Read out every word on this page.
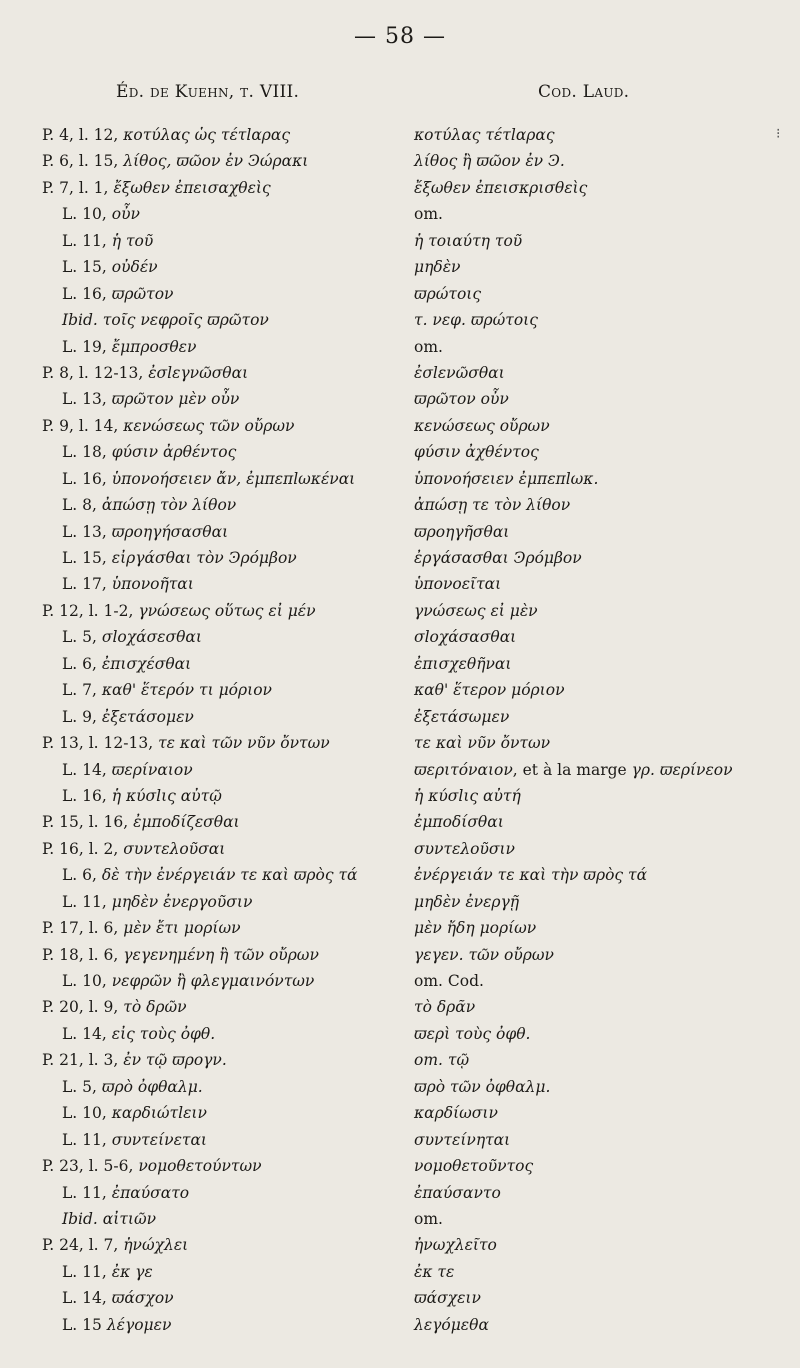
— 58 —
Éd. de Kuehn, t. VIII.	Cod. Laud.
⁝
P. 4, l. 12, κοτύλας ὡς τέτlαρας	κοτύλας τέτlαρας
P. 6, l. 15, λίθος, ϖῶον ἐν Ͽώρακι	λίθος ἢ ϖῶον ἐν Ͽ.
P. 7, l. 1, ἔξωθεν ἐπεισαχθεὶς	ἔξωθεν ἐπεισκρισθεὶς
L. 10, οὖν	om.
L. 11, ἡ τοῦ	ἡ τοιαύτη τοῦ
L. 15, οὐδέν	μηδὲν
L. 16, ϖρῶτον	ϖρώτοις
Ibid. τοῖς νεφροῖς ϖρῶτον	τ. νεφ. ϖρώτοις
L. 19, ἔμπροσθεν	om.
P. 8, l. 12-13, ἐσlεγνῶσθαι	ἐσlενῶσθαι
L. 13, ϖρῶτον μὲν οὖν	ϖρῶτον οὖν
P. 9, l. 14, κενώσεως τῶν οὔρων	κενώσεως οὔρων
L. 18, φύσιν ἀρθέντος	φύσιν ἀχθέντος
L. 16, ὑπονοήσειεν ἄν, ἐμπεπlωκέναι	ὑπονοήσειεν ἐμπεπlωκ.
L. 8, ἀπώσῃ τὸν λίθον	ἀπώσῃ τε τὸν λίθον
L. 13, ϖροηγήσασθαι	ϖροηγῆσθαι
L. 15, εἰργάσθαι τὸν Ͽρόμβον	ἐργάσασθαι Ͽρόμβον
L. 17, ὑπονοῆται	ὑπονοεῖται
P. 12, l. 1-2, γνώσεως οὕτως εἰ μέν	γνώσεως εἰ μὲν
L. 5, σlοχάσεσθαι	σlοχάσασθαι
L. 6, ἐπισχέσθαι	ἐπισχεθῆναι
L. 7, καθ' ἕτερόν τι μόριον	καθ' ἕτερον μόριον
L. 9, ἐξετάσομεν	ἐξετάσωμεν
P. 13, l. 12-13, τε καὶ τῶν νῦν ὄντων	τε καὶ νῦν ὄντων
L. 14, ϖερίναιον	ϖεριτόναιον, et à la marge γρ. ϖερίνεον
L. 16, ἡ κύσlις αὐτῷ	ἡ κύσlις αὐτή
P. 15, l. 16, ἐμποδίζεσθαι	ἐμποδίσθαι
P. 16, l. 2, συντελοῦσαι	συντελοῦσιν
L. 6, δὲ τὴν ἐνέργειάν τε καὶ ϖρὸς τά	ἐνέργειάν τε καὶ τὴν ϖρὸς τά
L. 11, μηδὲν ἐνεργοῦσιν	μηδὲν ἐνεργῇ
P. 17, l. 6, μὲν ἔτι μορίων	μὲν ἤδη μορίων
P. 18, l. 6, γεγενημένη ἢ τῶν οὔρων	γεγεν. τῶν οὔρων
L. 10, νεφρῶν ἢ φλεγμαινόντων	om. Cod.
P. 20, l. 9, τὸ δρῶν	τὸ δρᾶν
L. 14, εἰς τοὺς ὀφθ.	ϖερὶ τοὺς ὀφθ.
P. 21, l. 3, ἐν τῷ ϖρογν.	om. τῷ
L. 5, ϖρὸ ὀφθαλμ.	ϖρὸ τῶν ὀφθαλμ.
L. 10, καρδιώτlειν	καρδίωσιν
L. 11, συντείνεται	συντείνηται
P. 23, l. 5-6, νομοθετούντων	νομοθετοῦντος
L. 11, ἐπαύσατο	ἐπαύσαντο
Ibid. αἰτιῶν	om.
P. 24, l. 7, ἠνώχλει	ἠνωχλεῖτο
L. 11, ἐκ γε	ἐκ τε
L. 14, ϖάσχον	ϖάσχειν
L. 15 λέγομεν	λεγόμεθα
